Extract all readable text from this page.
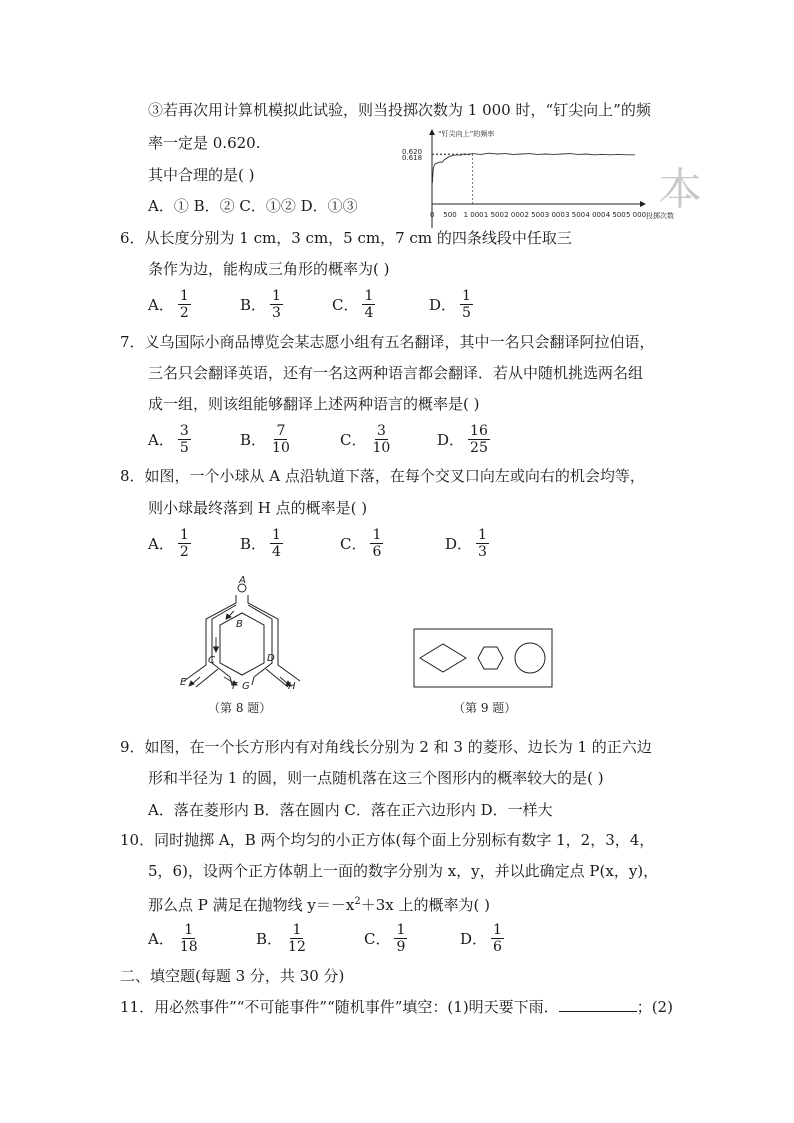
③若再次用计算机模拟此试验，则当投掷次数为 1 000 时，“钉尖向上”的频
率一定是 0.620.
其中合理的是( )
A．① B．② C．①② D．①③
“钉尖向上”的频率
投掷次数
0.620
0.618
0 500 1 000 1 500 2 000 2 500 3 000 3 500 4 000 4 500 5 000 本
6．从长度分别为 1 cm，3 cm，5 cm，7 cm 的四条线段中任取三
条作为边，能构成三角形的概率为( )
A． $\frac{1}{2}$	B． $\frac{1}{3}$	C． $\frac{1}{4}$	D． $\frac{1}{5}$
7．义乌国际小商品博览会某志愿小组有五名翻译，其中一名只会翻译阿拉伯语，
三名只会翻译英语，还有一名这两种语言都会翻译．若从中随机挑选两名组
成一组，则该组能够翻译上述两种语言的概率是( )
A． $\frac{3}{5}$	B． $\frac{7}{10}$	C． $\frac{3}{10}$	D． $\frac{16}{25}$
8．如图，一个小球从 A 点沿轨道下落，在每个交叉口向左或向右的机会均等，
则小球最终落到 H 点的概率是( )
A． $\frac{1}{2}$	B． $\frac{1}{4}$	C． $\frac{1}{6}$	D． $\frac{1}{3}$
A
B
C	D
E	F G	H
（第 8 题）	（第 9 题）
9．如图，在一个长方形内有对角线长分别为 2 和 3 的菱形、边长为 1 的正六边
形和半径为 1 的圆，则一点随机落在这三个图形内的概率较大的是( )
A．落在菱形内 B．落在圆内 C．落在正六边形内 D．一样大
10．同时抛掷 A，B 两个均匀的小正方体(每个面上分别标有数字 1，2，3，4，
5，6)，设两个正方体朝上一面的数字分别为 x，y，并以此确定点 P(x，y)，
那么点 P 满足在抛物线 $y=-x^2+3x$ 上的概率为( )
A． $\frac{1}{18}$	B． $\frac{1}{12}$	C． $\frac{1}{9}$	D． $\frac{1}{6}$
二、填空题(每题 3 分，共 30 分)
11．用必然事件”“不可能事件”“随机事件”填空：(1)明天要下雨．	；(2)
